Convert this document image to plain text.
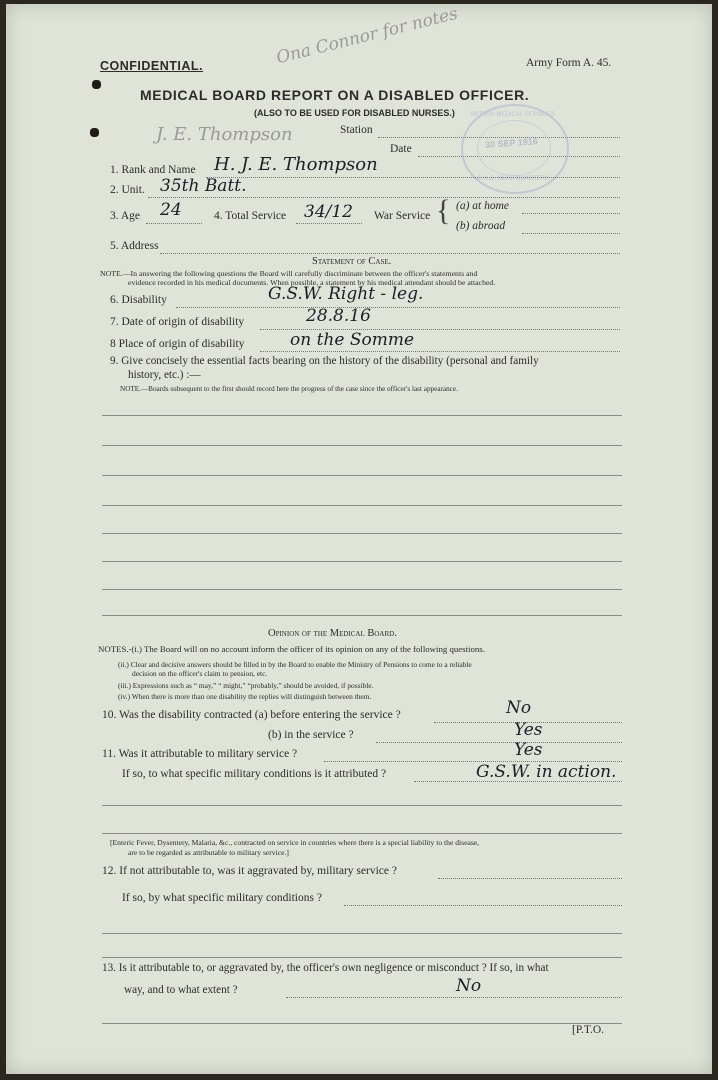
Ona Connor for notes
CONFIDENTIAL.	Army Form A. 45.
MEDICAL BOARD REPORT ON A DISABLED OFFICER.
(ALSO TO BE USED FOR DISABLED NURSES.)
J. E. Thompson	Station
Date
BRITISH MEDICAL SERVICES
30 SEP 1916
G.H.Q. HEAD-QUARTERS
1. Rank and Name H. J. E. Thompson
2. Unit. 35th Batt.
3. Age 24	4. Total Service 34/12 War Service { (a) at home
(b) abroad
5. Address
Statement of Case.
NOTE.—In answering the following questions the Board will carefully discriminate between the officer's statements and
evidence recorded in his medical documents. When possible, a statement by his medical attendant should be attached.
6. Disability	G.S.W. Right - leg.
7. Date of origin of disability	28.8.16
8 Place of origin of disability	on the Somme
9. Give concisely the essential facts bearing on the history of the disability (personal and family
history, etc.) :—
NOTE.—Boards subsequent to the first should record here the progress of the case since the officer's last appearance.
Opinion of the Medical Board.
NOTES.-(i.) The Board will on no account inform the officer of its opinion on any of the following questions.
(ii.) Clear and decisive answers should be filled in by the Board to enable the Ministry of Pensions to come to a reliable
decision on the officer's claim to pension, etc.
(iii.) Expressions such as “ may,” “ might,” “probably,” should be avoided, if possible.
(iv.) When there is more than one disability the replies will distinguish between them.
10. Was the disability contracted (a) before entering the service ?	No
(b) in the service ?	Yes
11. Was it attributable to military service ?	Yes
If so, to what specific military conditions is it attributed ?	G.S.W. in action.
[Enteric Fever, Dysentery, Malaria, &c., contracted on service in countries where there is a special liability to the disease,
are to be regarded as attributable to military service.]
12. If not attributable to, was it aggravated by, military service ?
If so, by what specific military conditions ?
13. Is it attributable to, or aggravated by, the officer's own negligence or misconduct ? If so, in what
way, and to what extent ?	No
[P.T.O.
